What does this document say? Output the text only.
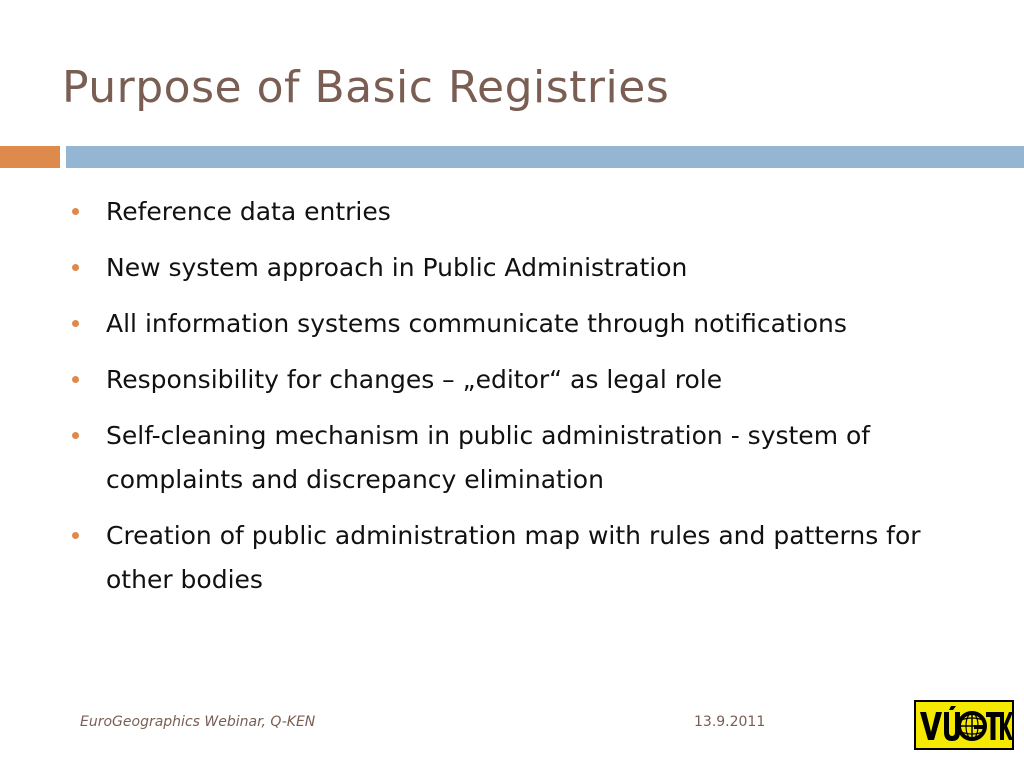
Purpose of Basic Registries
Reference data entries
New system approach in Public Administration
All information systems communicate through notifications
Responsibility for changes – „editor“ as legal role
Self-cleaning mechanism in public administration - system of complaints and discrepancy elimination
Creation of public administration map with rules and patterns for other bodies
EuroGeographics Webinar, Q-KEN	13.9.2011
